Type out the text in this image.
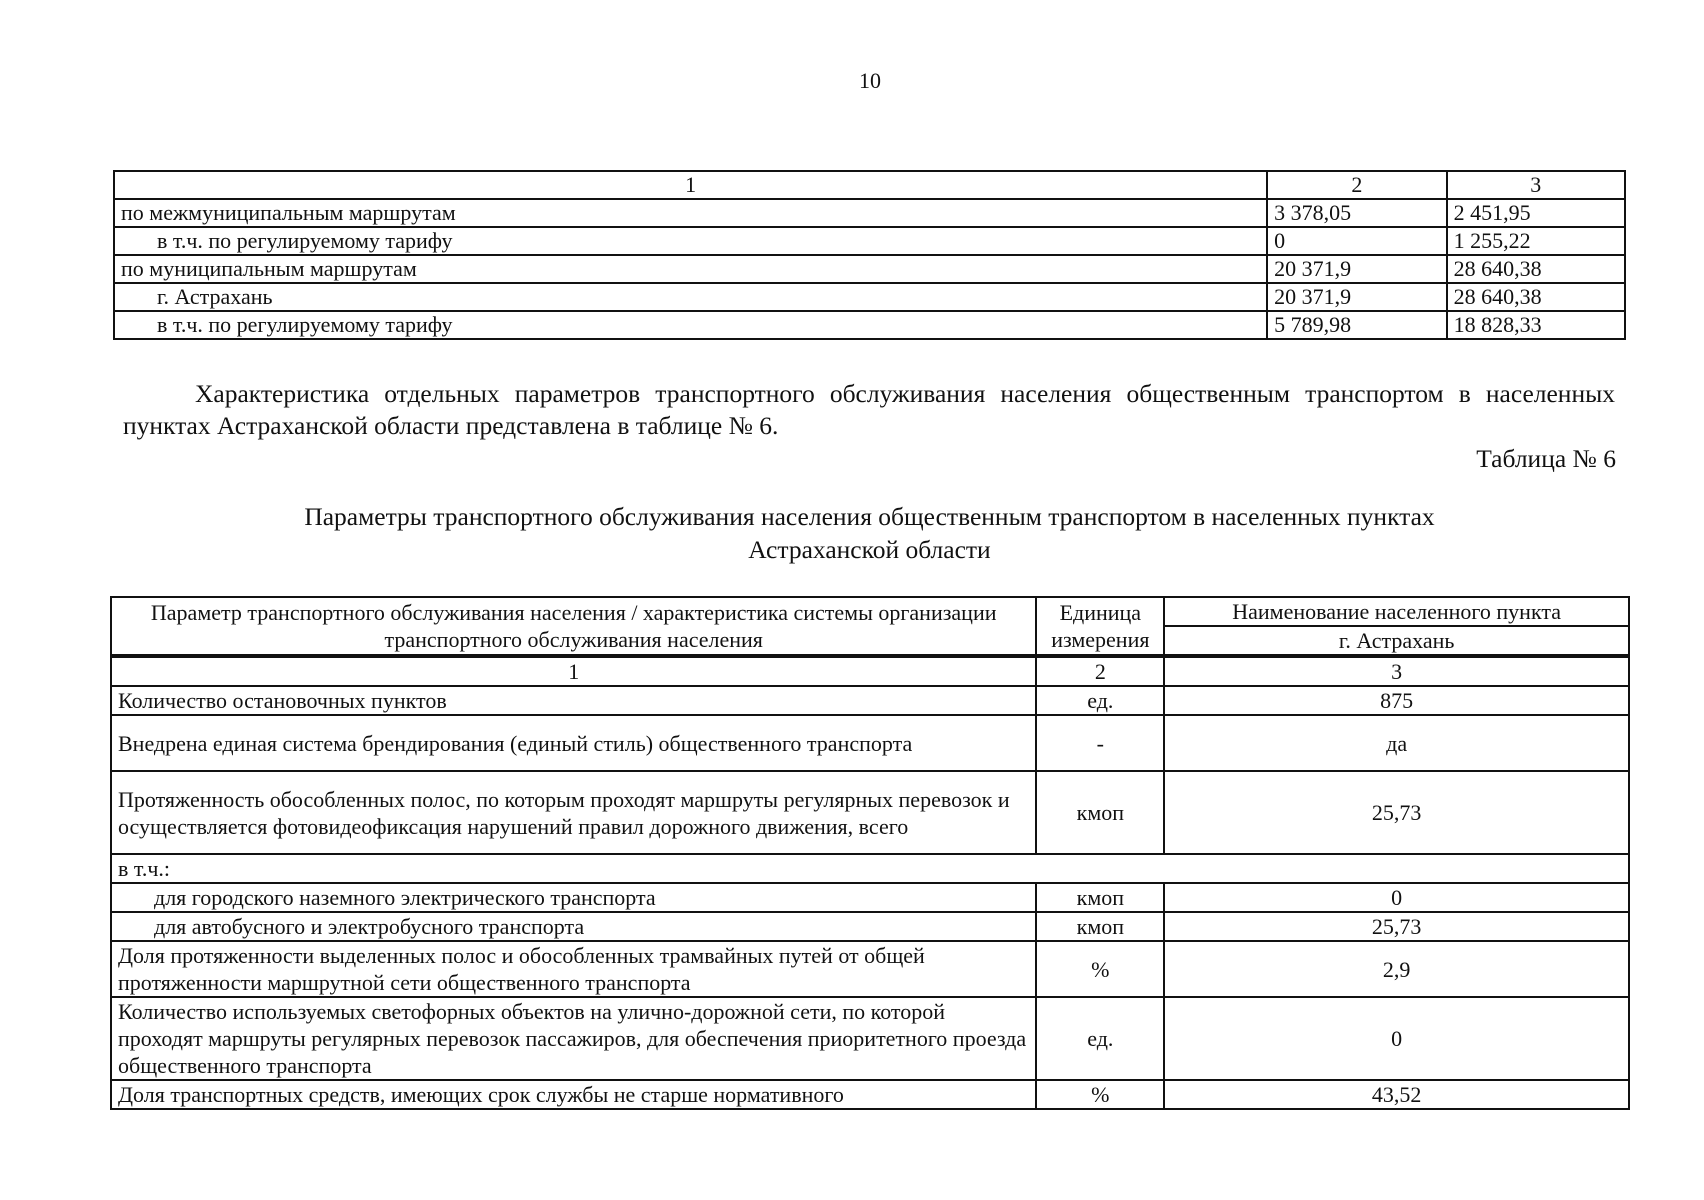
10
1	2	3
по межмуниципальным маршрутам	3 378,05	2 451,95
в т.ч. по регулируемому тарифу	0	1 255,22
по муниципальным маршрутам	20 371,9	28 640,38
г. Астрахань	20 371,9	28 640,38
в т.ч. по регулируемому тарифу	5 789,98	18 828,33
Характеристика отдельных параметров транспортного обслуживания населения общественным транспортом в населенных пунктах Астраханской области представлена в таблице № 6.
Таблица № 6
Параметры транспортного обслуживания населения общественным транспортом в населенных пунктах
Астраханской области
Параметр транспортного обслуживания населения / характеристика системы организации транспортного обслуживания населения	Единица измерения	Наименование населенного пункта
		г. Астрахань
1	2	3
Количество остановочных пунктов	ед.	875
Внедрена единая система брендирования (единый стиль) общественного транспорта	-	да
Протяженность обособленных полос, по которым проходят маршруты регулярных перевозок и осуществляется фотовидеофиксация нарушений правил дорожного движения, всего	кмоп	25,73
в т.ч.:		
для городского наземного электрического транспорта	кмоп	0
для автобусного и электробусного транспорта	кмоп	25,73
Доля протяженности выделенных полос и обособленных трамвайных путей от общей протяженности маршрутной сети общественного транспорта	%	2,9
Количество используемых светофорных объектов на улично-дорожной сети, по которой проходят маршруты регулярных перевозок пассажиров, для обеспечения приоритетного проезда общественного транспорта	ед.	0
Доля транспортных средств, имеющих срок службы не старше нормативного	%	43,52
